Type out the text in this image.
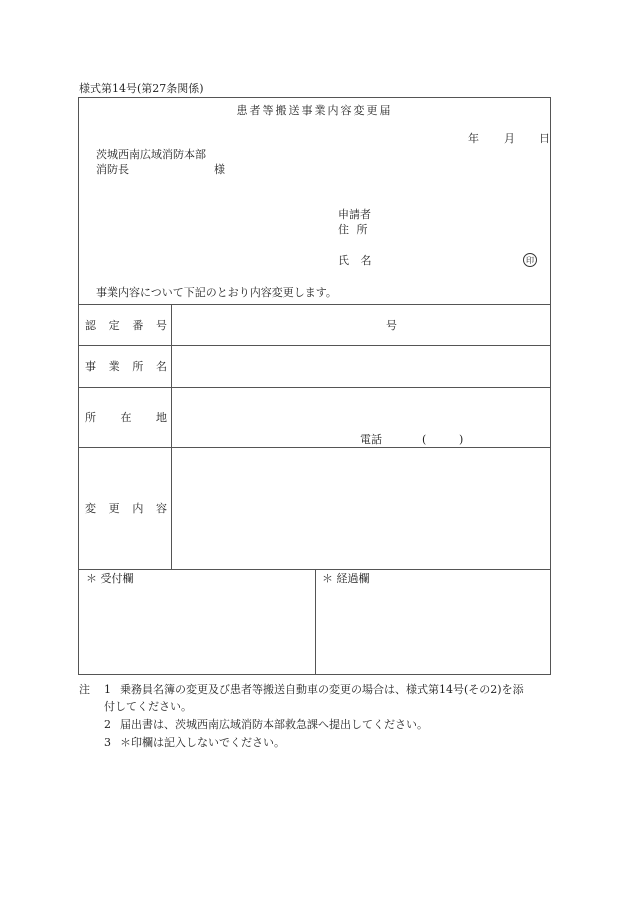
様式第14号(第27条関係)
患者等搬送事業内容変更届
年 月 日
茨城西南広域消防本部
消防長	様
申請者
住 所
氏 名	印
事業内容について下記のとおり内容変更します。
認 定 番 号	号
事 業 所 名
所 在 地
電話	(	)
変 更 内 容
＊ 受付欄	＊ 経過欄
注 1 乗務員名簿の変更及び患者等搬送自動車の変更の場合は、様式第14号(その2)を添
付してください。
2 届出書は、茨城西南広域消防本部救急課へ提出してください。
3 ＊印欄は記入しないでください。
